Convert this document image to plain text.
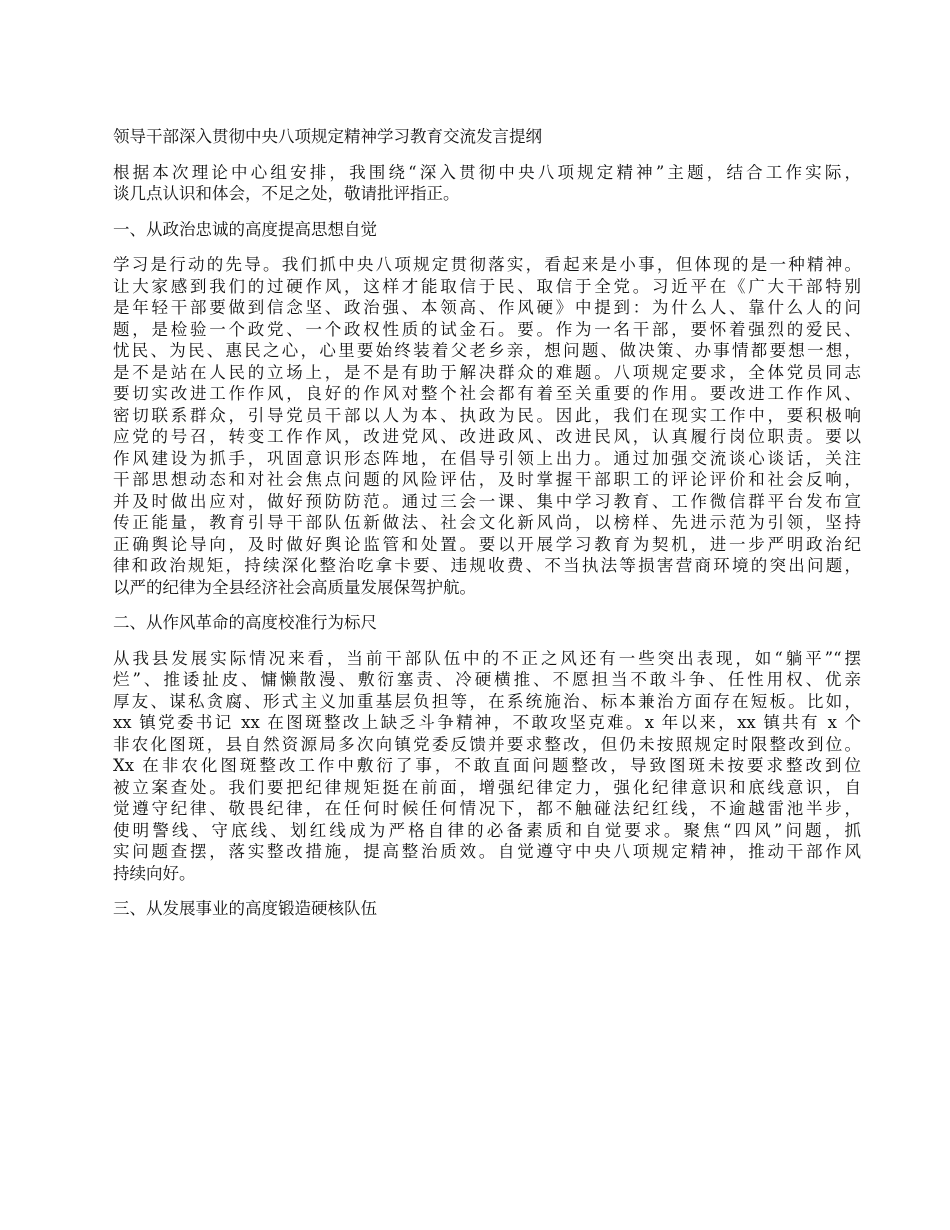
领导干部深入贯彻中央八项规定精神学习教育交流发言提纲
根据本次理论中心组安排，我围绕“深入贯彻中央八项规定精神”主题，结合工作实际，
谈几点认识和体会，不足之处，敬请批评指正。
一、从政治忠诚的高度提高思想自觉
学习是行动的先导。我们抓中央八项规定贯彻落实，看起来是小事，但体现的是一种精神。
让大家感到我们的过硬作风，这样才能取信于民、取信于全党。习近平在《广大干部特别
是年轻干部要做到信念坚、政治强、本领高、作风硬》中提到：为什么人、靠什么人的问
题，是检验一个政党、一个政权性质的试金石。要。作为一名干部，要怀着强烈的爱民、
忧民、为民、惠民之心，心里要始终装着父老乡亲，想问题、做决策、办事情都要想一想，
是不是站在人民的立场上，是不是有助于解决群众的难题。八项规定要求，全体党员同志
要切实改进工作作风，良好的作风对整个社会都有着至关重要的作用。要改进工作作风、
密切联系群众，引导党员干部以人为本、执政为民。因此，我们在现实工作中，要积极响
应党的号召，转变工作作风，改进党风、改进政风、改进民风，认真履行岗位职责。要以
作风建设为抓手，巩固意识形态阵地，在倡导引领上出力。通过加强交流谈心谈话，关注
干部思想动态和对社会焦点问题的风险评估，及时掌握干部职工的评论评价和社会反响，
并及时做出应对，做好预防防范。通过三会一课、集中学习教育、工作微信群平台发布宣
传正能量，教育引导干部队伍新做法、社会文化新风尚，以榜样、先进示范为引领，坚持
正确舆论导向，及时做好舆论监管和处置。要以开展学习教育为契机，进一步严明政治纪
律和政治规矩，持续深化整治吃拿卡要、违规收费、不当执法等损害营商环境的突出问题，
以严的纪律为全县经济社会高质量发展保驾护航。
二、从作风革命的高度校准行为标尺
从我县发展实际情况来看，当前干部队伍中的不正之风还有一些突出表现，如“躺平”“摆
烂”、推诿扯皮、慵懒散漫、敷衍塞责、冷硬横推、不愿担当不敢斗争、任性用权、优亲
厚友、谋私贪腐、形式主义加重基层负担等，在系统施治、标本兼治方面存在短板。比如，
xx 镇党委书记 xx 在图斑整改上缺乏斗争精神，不敢攻坚克难。x 年以来，xx 镇共有 x 个
非农化图斑，县自然资源局多次向镇党委反馈并要求整改，但仍未按照规定时限整改到位。
Xx 在非农化图斑整改工作中敷衍了事，不敢直面问题整改，导致图斑未按要求整改到位
被立案查处。我们要把纪律规矩挺在前面，增强纪律定力，强化纪律意识和底线意识，自
觉遵守纪律、敬畏纪律，在任何时候任何情况下，都不触碰法纪红线，不逾越雷池半步，
使明警线、守底线、划红线成为严格自律的必备素质和自觉要求。聚焦“四风”问题，抓
实问题查摆，落实整改措施，提高整治质效。自觉遵守中央八项规定精神，推动干部作风
持续向好。
三、从发展事业的高度锻造硬核队伍
